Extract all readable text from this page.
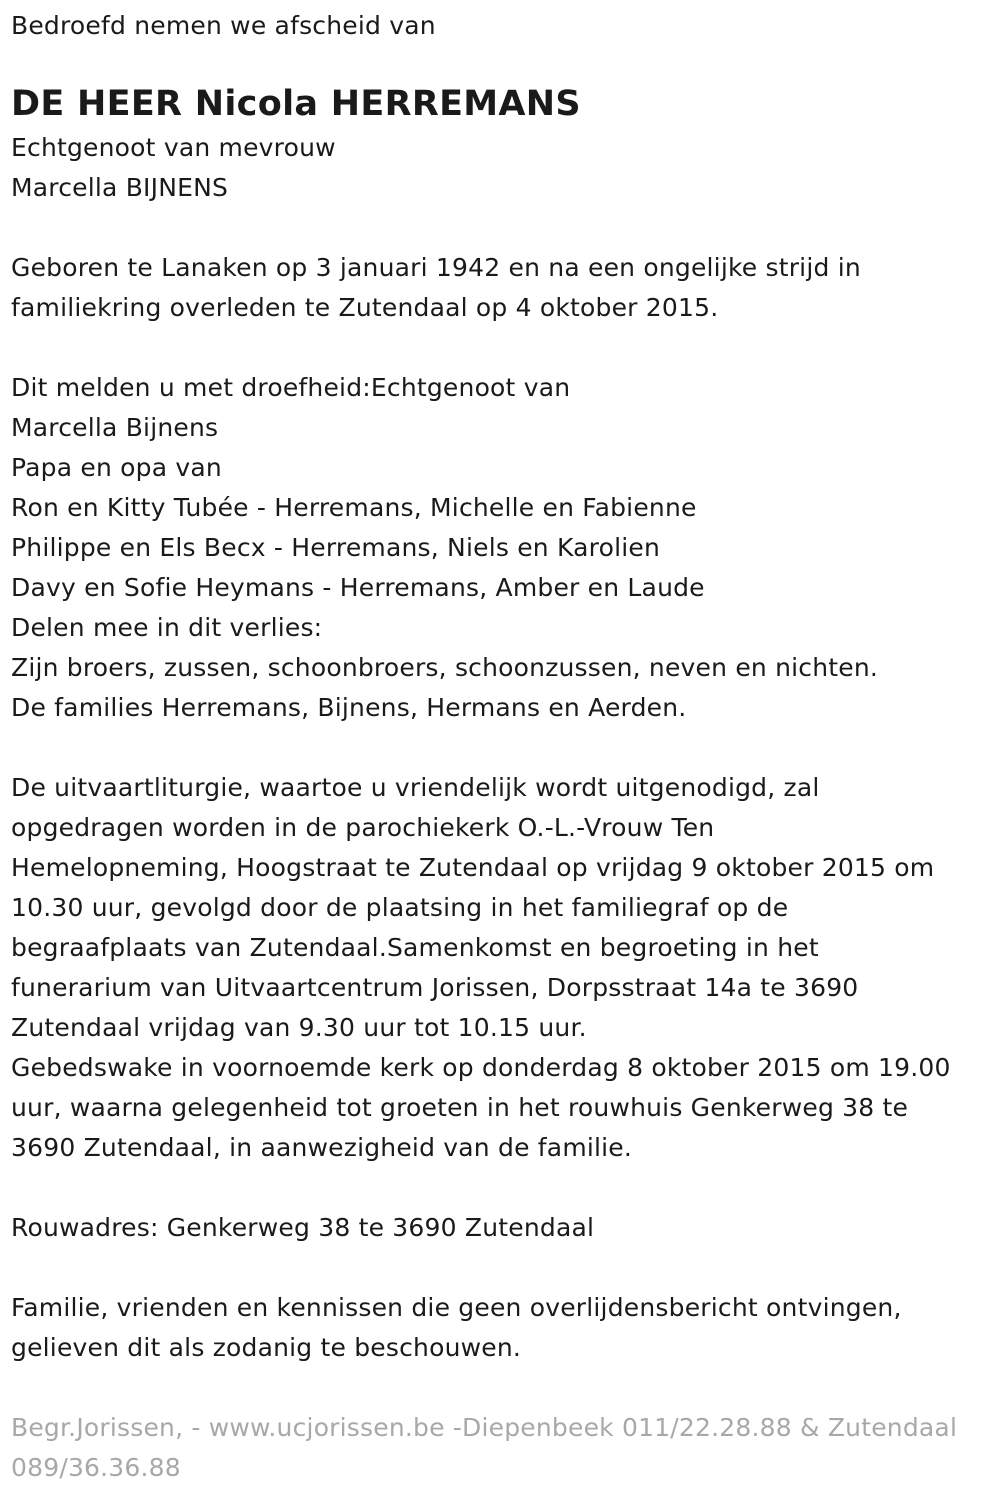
Bedroefd nemen we afscheid van
DE HEER Nicola HERREMANS
Echtgenoot van mevrouw
Marcella BIJNENS
Geboren te Lanaken op 3 januari 1942 en na een ongelijke strijd in
familiekring overleden te Zutendaal op 4 oktober 2015.
Dit melden u met droefheid:Echtgenoot van
Marcella Bijnens
Papa en opa van
Ron en Kitty Tubée - Herremans, Michelle en Fabienne
Philippe en Els Becx - Herremans, Niels en Karolien
Davy en Sofie Heymans - Herremans, Amber en Laude
Delen mee in dit verlies:
Zijn broers, zussen, schoonbroers, schoonzussen, neven en nichten.
De families Herremans, Bijnens, Hermans en Aerden.
De uitvaartliturgie, waartoe u vriendelijk wordt uitgenodigd, zal
opgedragen worden in de parochiekerk O.-L.-Vrouw Ten
Hemelopneming, Hoogstraat te Zutendaal op vrijdag 9 oktober 2015 om
10.30 uur, gevolgd door de plaatsing in het familiegraf op de
begraafplaats van Zutendaal.Samenkomst en begroeting in het
funerarium van Uitvaartcentrum Jorissen, Dorpsstraat 14a te 3690
Zutendaal vrijdag van 9.30 uur tot 10.15 uur.
Gebedswake in voornoemde kerk op donderdag 8 oktober 2015 om 19.00
uur, waarna gelegenheid tot groeten in het rouwhuis Genkerweg 38 te
3690 Zutendaal, in aanwezigheid van de familie.
Rouwadres: Genkerweg 38 te 3690 Zutendaal
Familie, vrienden en kennissen die geen overlijdensbericht ontvingen,
gelieven dit als zodanig te beschouwen.
Begr.Jorissen, - www.ucjorissen.be -Diepenbeek 011/22.28.88 & Zutendaal
089/36.36.88
